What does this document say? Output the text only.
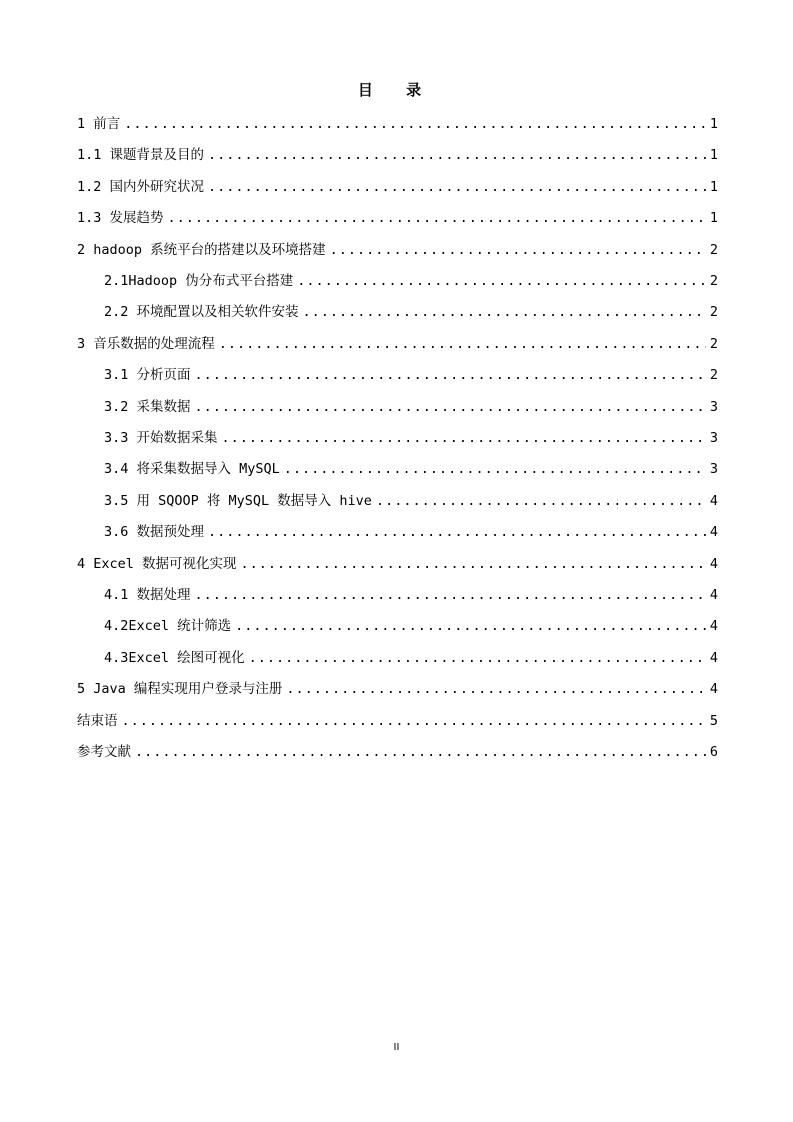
目 录
1 前言 .....	1
1.1 课题背景及目的 .....	1
1.2 国内外研究状况 .....	1
1.3 发展趋势 .....	1
2 hadoop 系统平台的搭建以及环境搭建 .....	2
2.1Hadoop 伪分布式平台搭建 .....	2
2.2 环境配置以及相关软件安装 .....	2
3 音乐数据的处理流程 .....	2
3.1 分析页面 .....	2
3.2 采集数据 .....	3
3.3 开始数据采集 .....	3
3.4 将采集数据导入 MySQL .....	3
3.5 用 SQOOP 将 MySQL 数据导入 hive .....	4
3.6 数据预处理 .....	4
4 Excel 数据可视化实现 .....	4
4.1 数据处理 .....	4
4.2Excel 统计筛选 .....	4
4.3Excel 绘图可视化 .....	4
5 Java 编程实现用户登录与注册 .....	4
结束语 .....	5
参考文献 .....	6
II
